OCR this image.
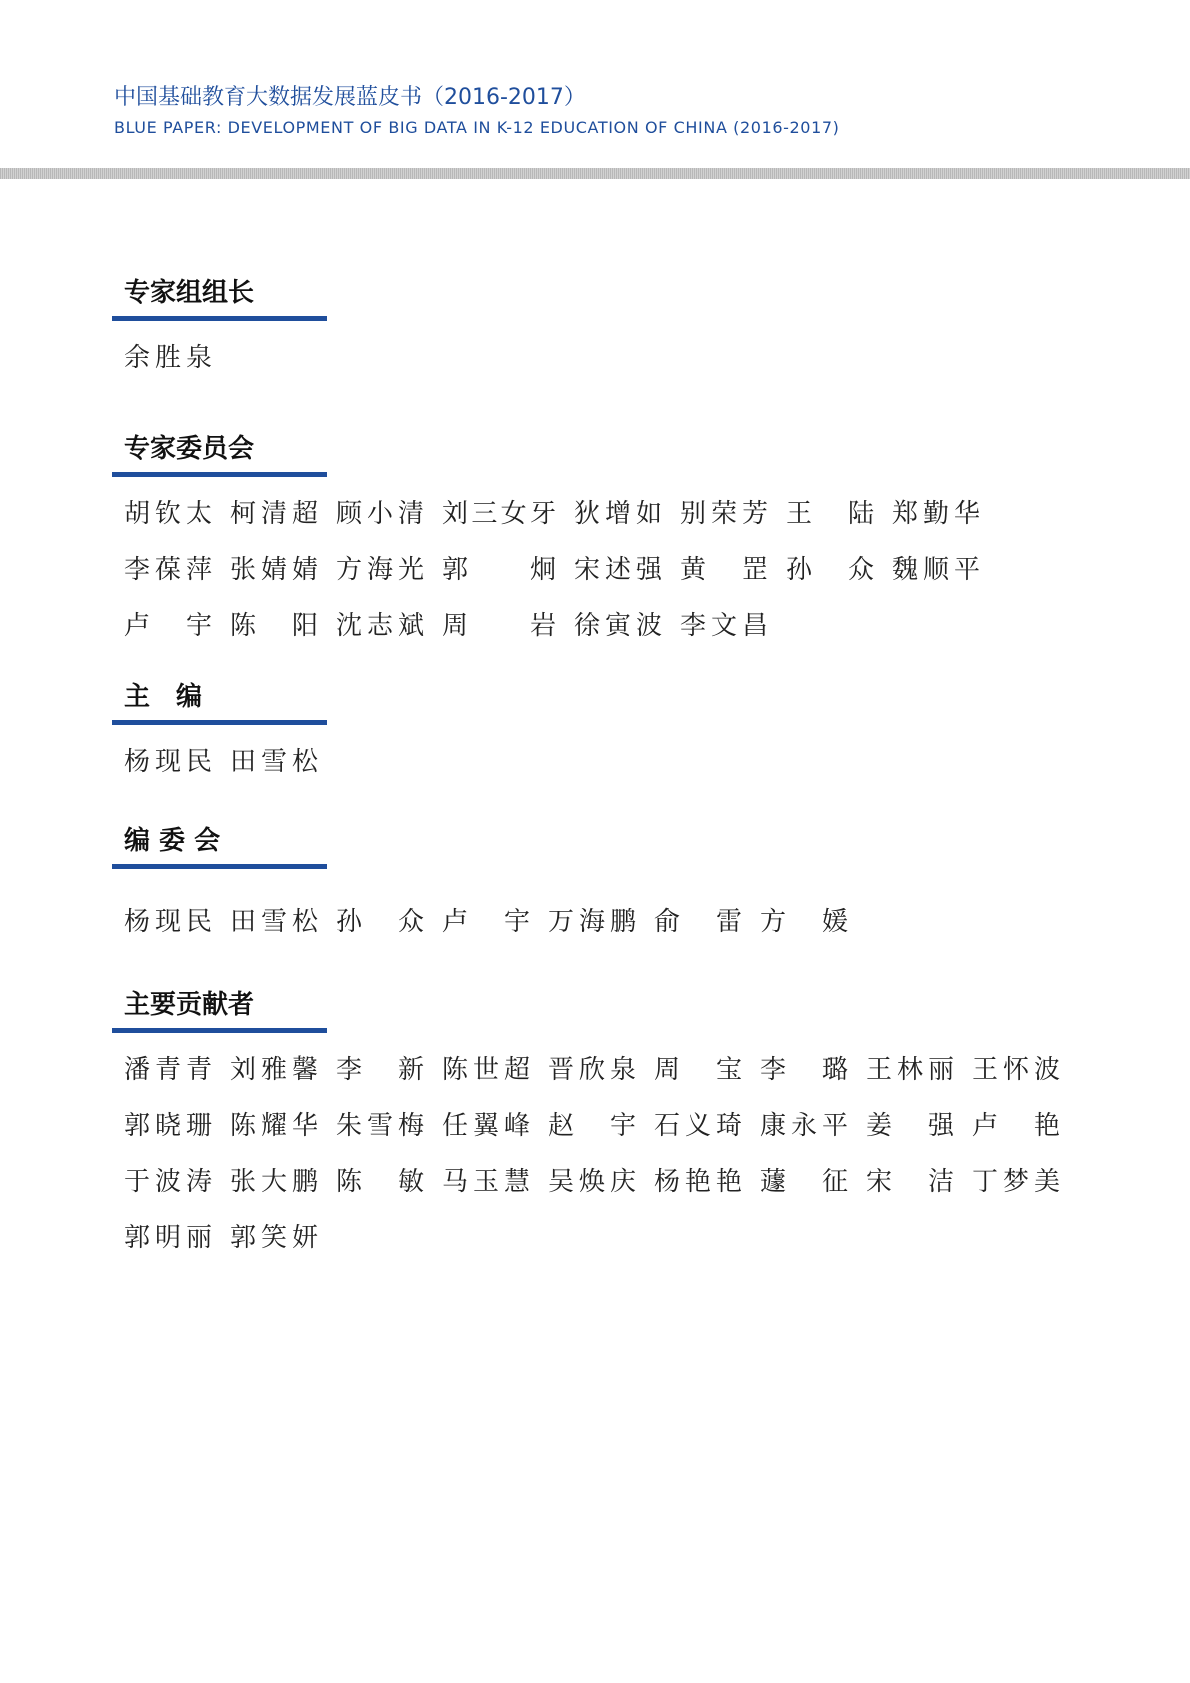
中国基础教育大数据发展蓝皮书（2016-2017）
BLUE PAPER: DEVELOPMENT OF BIG DATA IN K-12 EDUCATION OF CHINA (2016-2017)
专家组组长
余 胜 泉
专家委员会
胡 钦 太 柯 清 超 顾 小 清 刘 三 女 牙 狄 增 如 别 荣 芳 王 陆 郑 勤 华
李 葆 萍 张 婧 婧 方 海 光 郭 炯 宋 述 强 黄 罡 孙 众 魏 顺 平
卢 宇 陈 阳 沈 志 斌 周 岩 徐 寅 波 李 文 昌
主　编
杨 现 民 田 雪 松
编 委 会
杨 现 民 田 雪 松 孙 众 卢 宇 万 海 鹏 俞 雷 方 媛
主要贡献者
潘 青 青 刘 雅 馨 李 新 陈 世 超 晋 欣 泉 周 宝 李 璐 王 林 丽 王 怀 波
郭 晓 珊 陈 耀 华 朱 雪 梅 任 翼 峰 赵 宇 石 义 琦 康 永 平 姜 强 卢 艳
于 波 涛 张 大 鹏 陈 敏 马 玉 慧 吴 焕 庆 杨 艳 艳 蘧 征 宋 洁 丁 梦 美
郭 明 丽 郭 笑 妍
